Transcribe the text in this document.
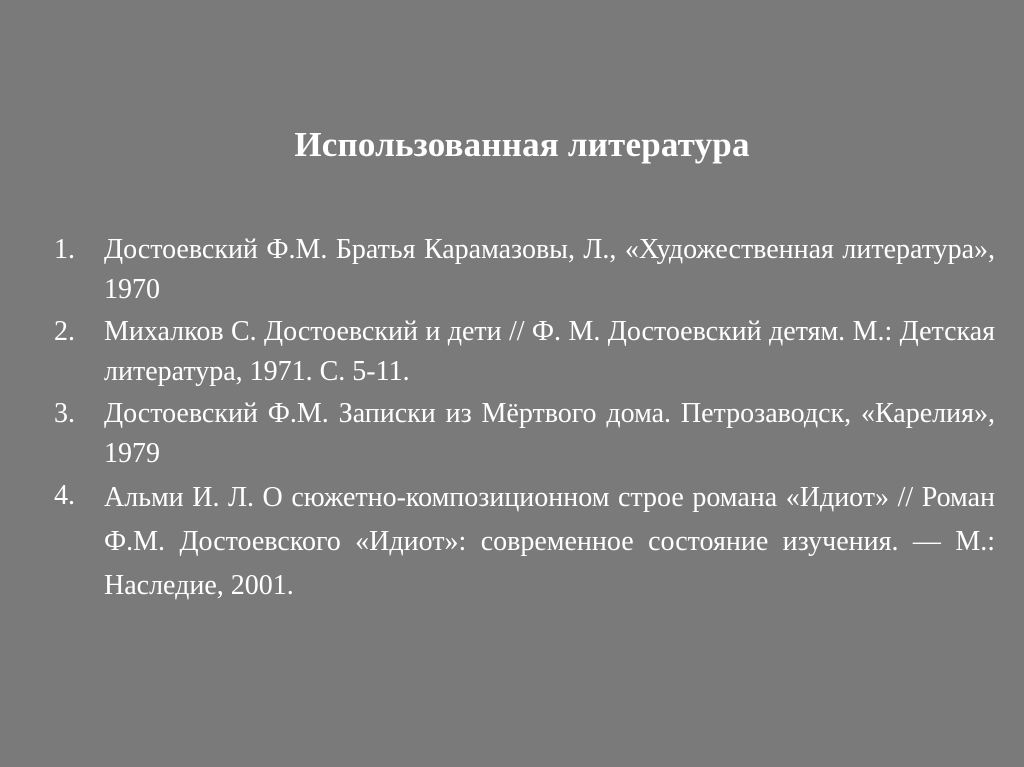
Использованная литература
1.	Достоевский Ф.М. Братья Карамазовы, Л., «Художественная литература», 1970
2.	Михалков С. Достоевский и дети // Ф. М. Достоевский детям. М.: Детская литература, 1971. С. 5-11.
3.	Достоевский Ф.М. Записки из Мёртвого дома. Петрозаводск, «Карелия», 1979
4.	Альми И. Л. О сюжетно-композиционном строе романа «Идиот» // Роман Ф.М. Достоевского «Идиот»: современное состояние изучения. — М.: Наследие, 2001.
